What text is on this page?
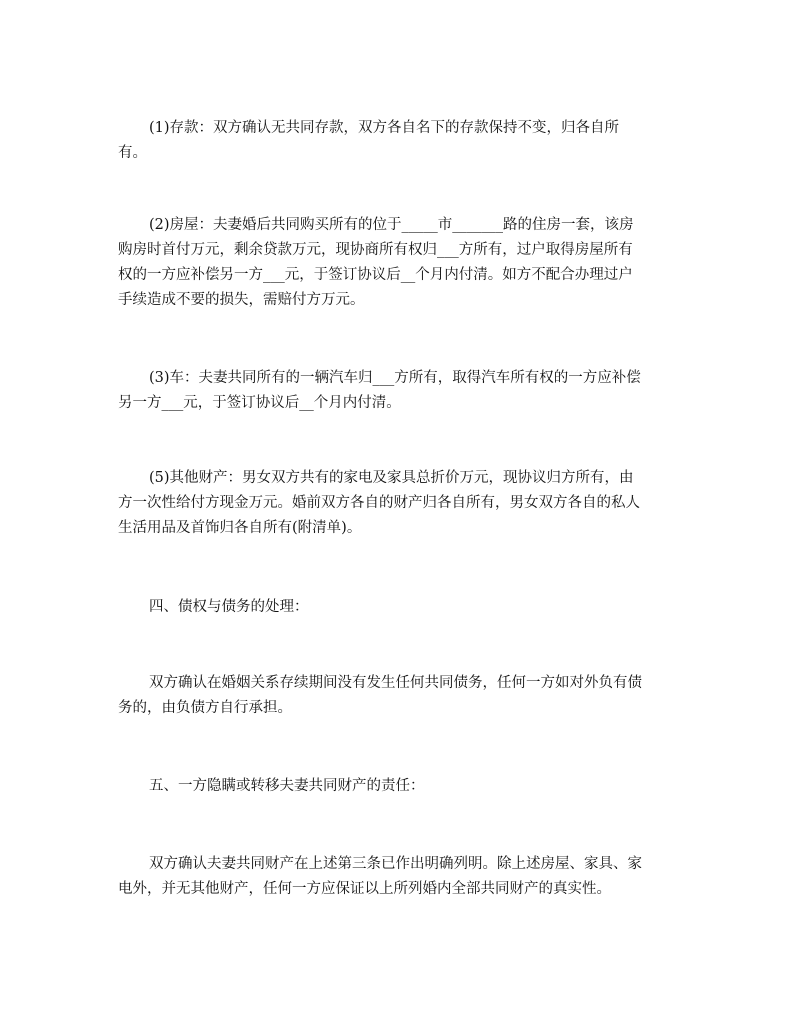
(1)存款：双方确认无共同存款，双方各自名下的存款保持不变，归各自所
有。

(2)房屋：夫妻婚后共同购买所有的位于_____市_______路的住房一套，该房
购房时首付万元，剩余贷款万元，现协商所有权归___方所有，过户取得房屋所有
权的一方应补偿另一方___元，于签订协议后__个月内付清。如方不配合办理过户
手续造成不要的损失，需赔付方万元。

(3)车：夫妻共同所有的一辆汽车归___方所有，取得汽车所有权的一方应补偿
另一方___元，于签订协议后__个月内付清。

(5)其他财产：男女双方共有的家电及家具总折价万元，现协议归方所有，由
方一次性给付方现金万元。婚前双方各自的财产归各自所有，男女双方各自的私人
生活用品及首饰归各自所有(附清单)。

四、债权与债务的处理：

双方确认在婚姻关系存续期间没有发生任何共同债务，任何一方如对外负有债
务的，由负债方自行承担。

五、一方隐瞒或转移夫妻共同财产的责任：

双方确认夫妻共同财产在上述第三条已作出明确列明。除上述房屋、家具、家
电外，并无其他财产，任何一方应保证以上所列婚内全部共同财产的真实性。
